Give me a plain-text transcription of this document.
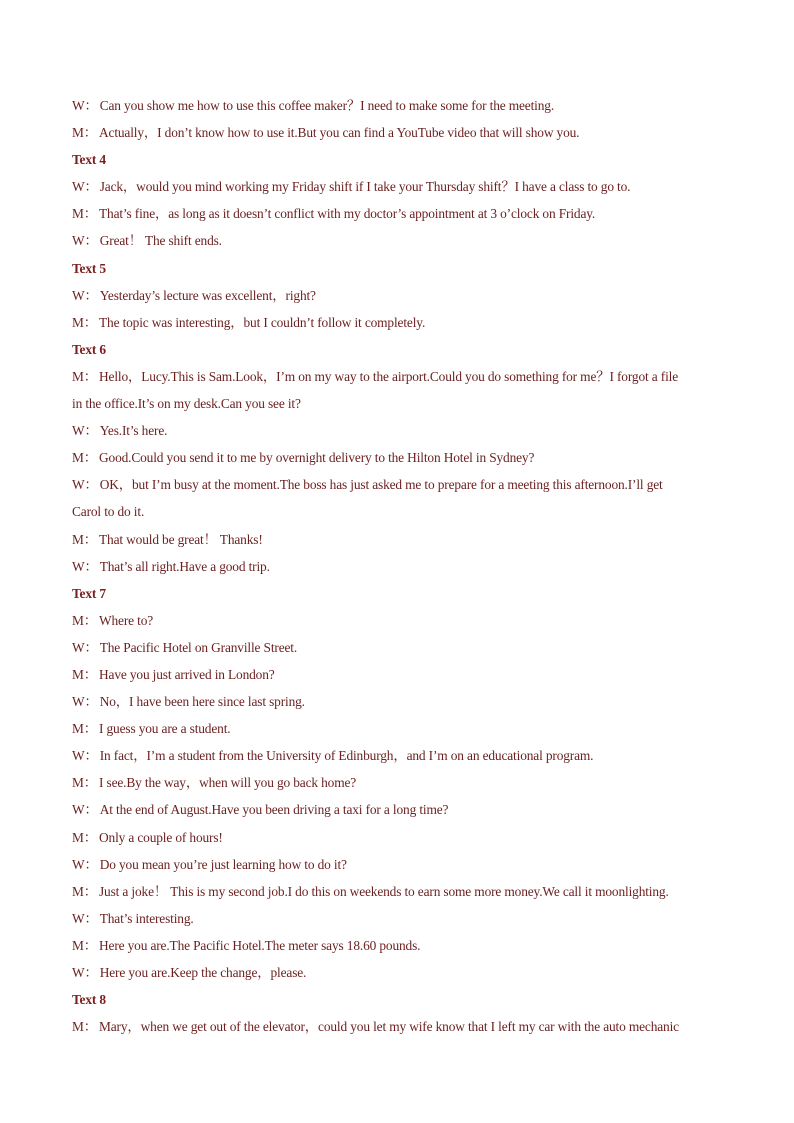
W： Can you show me how to use this coffee maker？I need to make some for the meeting.
M： Actually，I don’t know how to use it.But you can find a YouTube video that will show you.
Text 4
W： Jack，would you mind working my Friday shift if I take your Thursday shift？I have a class to go to.
M： That’s fine，as long as it doesn’t conflict with my doctor’s appointment at 3 o’clock on Friday.
W： Great！ The shift ends.
Text 5
W： Yesterday’s lecture was excellent，right?
M： The topic was interesting，but I couldn’t follow it completely.
Text 6
M： Hello，Lucy.This is Sam.Look，I’m on my way to the airport.Could you do something for me？I forgot a file
in the office.It’s on my desk.Can you see it?
W： Yes.It’s here.
M： Good.Could you send it to me by overnight delivery to the Hilton Hotel in Sydney?
W： OK，but I’m busy at the moment.The boss has just asked me to prepare for a meeting this afternoon.I’ll get
Carol to do it.
M： That would be great！ Thanks!
W： That’s all right.Have a good trip.
Text 7
M： Where to?
W： The Pacific Hotel on Granville Street.
M： Have you just arrived in London?
W： No，I have been here since last spring.
M： I guess you are a student.
W： In fact，I’m a student from the University of Edinburgh，and I’m on an educational program.
M： I see.By the way，when will you go back home?
W： At the end of August.Have you been driving a taxi for a long time?
M： Only a couple of hours!
W： Do you mean you’re just learning how to do it?
M： Just a joke！ This is my second job.I do this on weekends to earn some more money.We call it moonlighting.
W： That’s interesting.
M： Here you are.The Pacific Hotel.The meter says 18.60 pounds.
W： Here you are.Keep the change，please.
Text 8
M： Mary，when we get out of the elevator，could you let my wife know that I left my car with the auto mechanic
